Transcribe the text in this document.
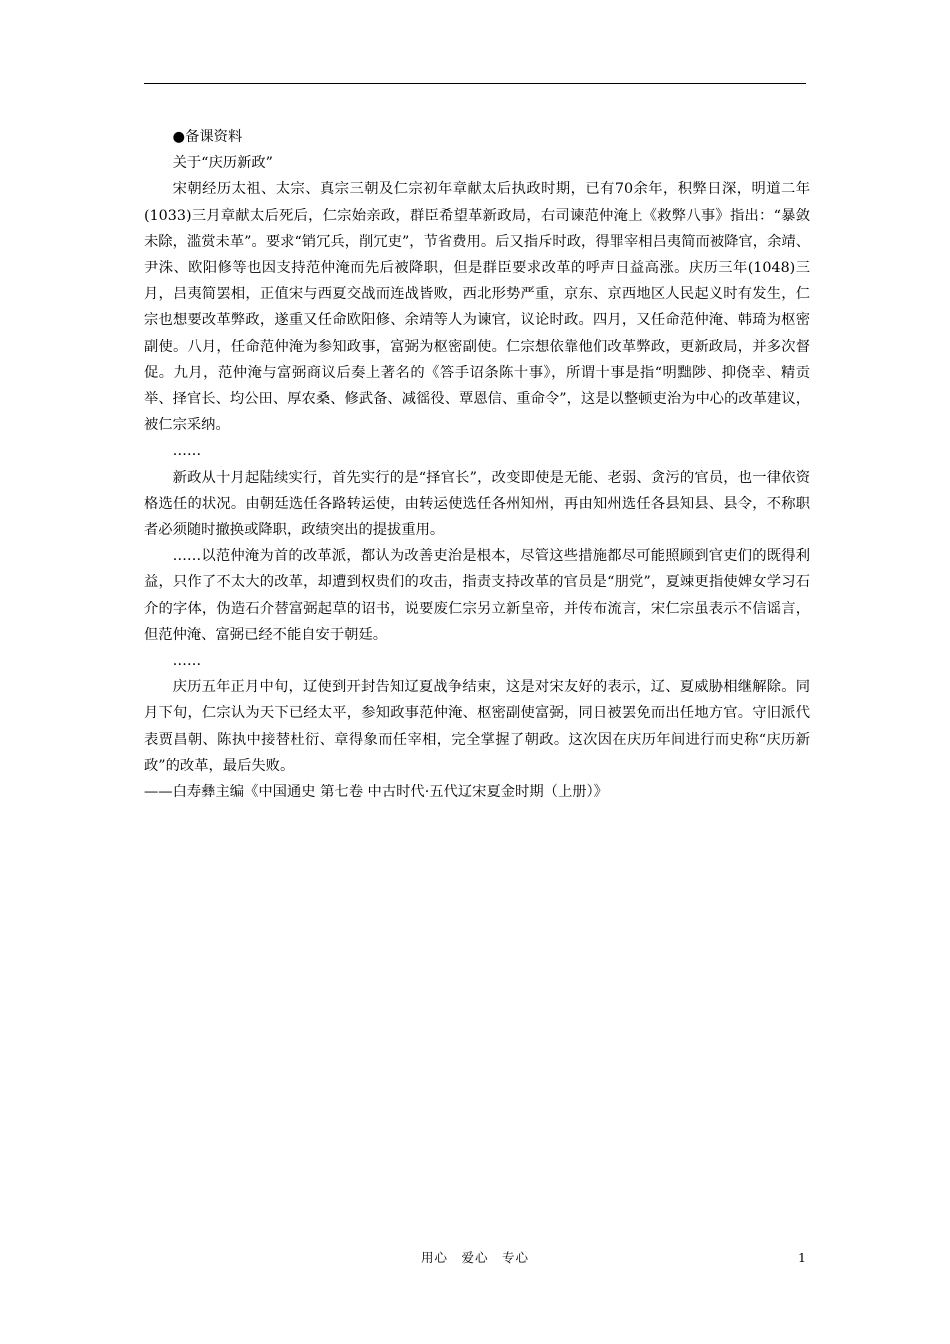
●备课资料

关于“庆历新政”

宋朝经历太祖、太宗、真宗三朝及仁宗初年章献太后执政时期，已有70余年，积弊日深，明道二年(1033)三月章献太后死后，仁宗始亲政，群臣希望革新政局，右司谏范仲淹上《救弊八事》指出：“暴敛未除，滥赏未革”。要求“销冗兵，削冗吏”，节省费用。后又指斥时政，得罪宰相吕夷简而被降官，余靖、尹洙、欧阳修等也因支持范仲淹而先后被降职，但是群臣要求改革的呼声日益高涨。庆历三年(1048)三月，吕夷简罢相，正值宋与西夏交战而连战皆败，西北形势严重，京东、京西地区人民起义时有发生，仁宗也想要改革弊政，遂重又任命欧阳修、余靖等人为谏官，议论时政。四月，又任命范仲淹、韩琦为枢密副使。八月，任命范仲淹为参知政事，富弼为枢密副使。仁宗想依靠他们改革弊政，更新政局，并多次督促。九月，范仲淹与富弼商议后奏上著名的《答手诏条陈十事》，所谓十事是指“明黜陟、抑侥幸、精贡举、择官长、均公田、厚农桑、修武备、减徭役、覃恩信、重命令”，这是以整顿吏治为中心的改革建议，被仁宗采纳。

……

新政从十月起陆续实行，首先实行的是“择官长”，改变即使是无能、老弱、贪污的官员，也一律依资格选任的状况。由朝廷选任各路转运使，由转运使选任各州知州，再由知州选任各县知县、县令，不称职者必须随时撤换或降职，政绩突出的提拔重用。

……以范仲淹为首的改革派，都认为改善吏治是根本，尽管这些措施都尽可能照顾到官吏们的既得利益，只作了不太大的改革，却遭到权贵们的攻击，指责支持改革的官员是“朋党”，夏竦更指使婢女学习石介的字体，伪造石介替富弼起草的诏书，说要废仁宗另立新皇帝，并传布流言，宋仁宗虽表示不信谣言，但范仲淹、富弼已经不能自安于朝廷。

……

庆历五年正月中旬，辽使到开封告知辽夏战争结束，这是对宋友好的表示，辽、夏威胁相继解除。同月下旬，仁宗认为天下已经太平，参知政事范仲淹、枢密副使富弼，同日被罢免而出任地方官。守旧派代表贾昌朝、陈执中接替杜衍、章得象而任宰相，完全掌握了朝政。这次因在庆历年间进行而史称“庆历新政”的改革，最后失败。

——白寿彝主编《中国通史 第七卷 中古时代·五代辽宋夏金时期（上册）》

用心　爱心　专心	1
